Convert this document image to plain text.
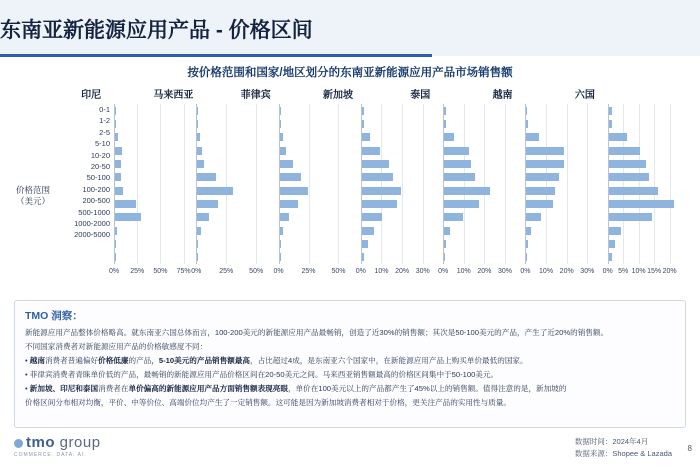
东南亚新能源应用产品 - 价格区间
按价格范围和国家/地区划分的东南亚新能源应用产品市场销售额
价格范围（美元）
印尼	马来西亚	菲律宾	新加坡	泰国	越南	六国
0-1
1-2
2-5
5-10
10-20
20-50
50-100
100-200
200-500
500-1000
1000-2000
2000-5000
0% 25% 50% 75% 0%	25% 50% 0%	25% 50% 0% 10% 20% 30% 0% 10% 20% 30% 0% 10% 20% 30% 0% 5% 10% 15% 20%
TMO 洞察：

新能源应用产品整体价格略高。就东南亚六国总体而言，100-200美元的新能源应用产品最畅销，创造了近30%的销售额；其次是50-100美元的产品，产生了近20%的销售额。

不同国家消费者对新能源应用产品的价格敏感度不同：

• 越南消费者普遍偏好价格低廉的产品，5-10美元的产品销售额最高，占比超过4成，是东南亚六个国家中，在新能源应用产品上购买单价最低的国家。

• 菲律宾消费者青睐单价低的产品，最畅销的新能源应用产品价格区间在20-50美元之间。马来西亚销售额最高的价格区间集中于50-100美元。

• 新加坡、印尼和泰国消费者在单价偏高的新能源应用产品方面销售额表现亮眼，单价在100美元以上的产品都产生了45%以上的销售额。值得注意的是，新加坡的

价格区间分布相对均衡，平价、中等价位、高端价位均产生了一定销售额。这可能是因为新加坡消费者相对于价格，更关注产品的实用性与质量。

tmo group
COMMERCE. DATA. AI.
数据时间：2024年4月
数据来源：Shopee & Lazada
8
